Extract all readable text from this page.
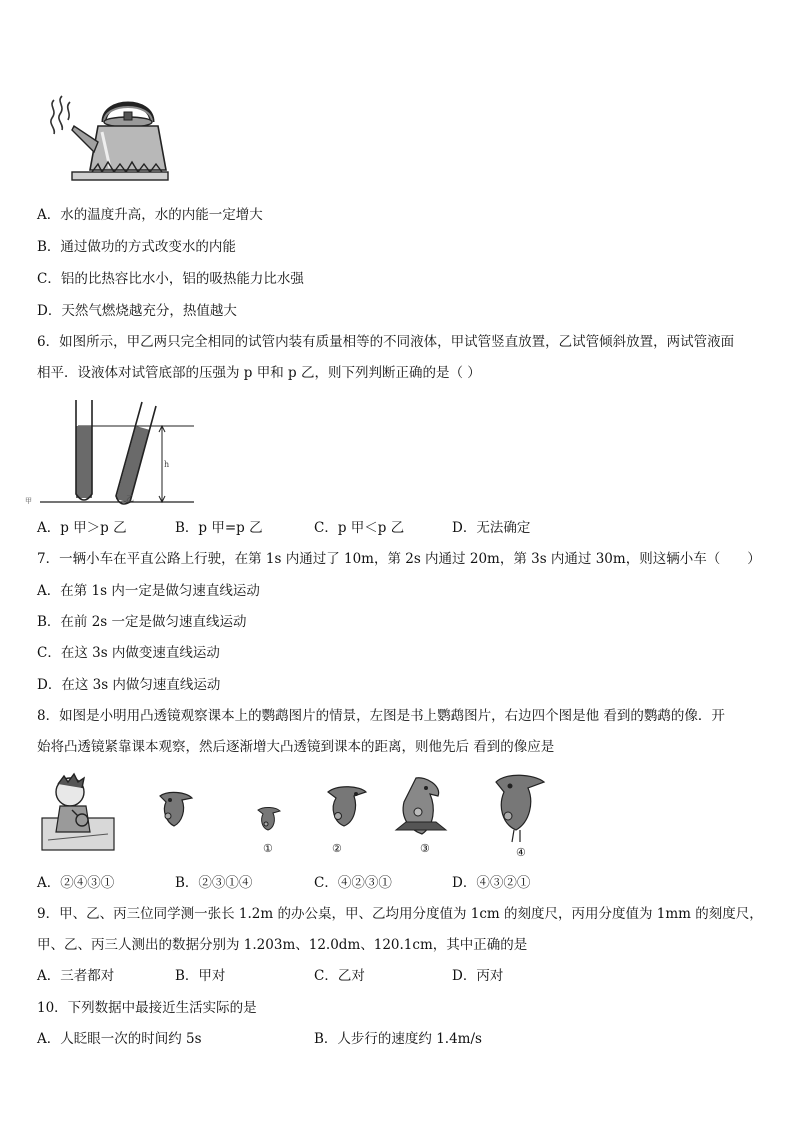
A．水的温度升高，水的内能一定增大
B．通过做功的方式改变水的内能
C．铝的比热容比水小，铝的吸热能力比水强
D．天然气燃烧越充分，热值越大
6．如图所示，甲乙两只完全相同的试管内装有质量相等的不同液体，甲试管竖直放置，乙试管倾斜放置，两试管液面
相平．设液体对试管底部的压强为 p 甲和 p 乙，则下列判断正确的是（ ）
甲	乙
h
A．p 甲＞p 乙	B．p 甲=p 乙	C．p 甲＜p 乙	D．无法确定
7．一辆小车在平直公路上行驶，在第 1s 内通过了 10m，第 2s 内通过 20m，第 3s 内通过 30m，则这辆小车（　　）
A．在第 1s 内一定是做匀速直线运动
B．在前 2s 一定是做匀速直线运动
C．在这 3s 内做变速直线运动
D．在这 3s 内做匀速直线运动
8．如图是小明用凸透镜观察课本上的鹦鹉图片的情景，左图是书上鹦鹉图片，右边四个图是他 看到的鹦鹉的像．开
始将凸透镜紧靠课本观察，然后逐渐增大凸透镜到课本的距离，则他先后 看到的像应是
①	②	③	④
A．②④③①	B．②③①④	C．④②③①	D．④③②①
9．甲、乙、丙三位同学测一张长 1.2m 的办公桌，甲、乙均用分度值为 1cm 的刻度尺，丙用分度值为 1mm 的刻度尺，
甲、乙、丙三人测出的数据分别为 1.203m、12.0dm、120.1cm，其中正确的是
A．三者都对	B．甲对	C．乙对	D．丙对
10．下列数据中最接近生活实际的是
A．人眨眼一次的时间约 5s	B．人步行的速度约 1.4m/s
